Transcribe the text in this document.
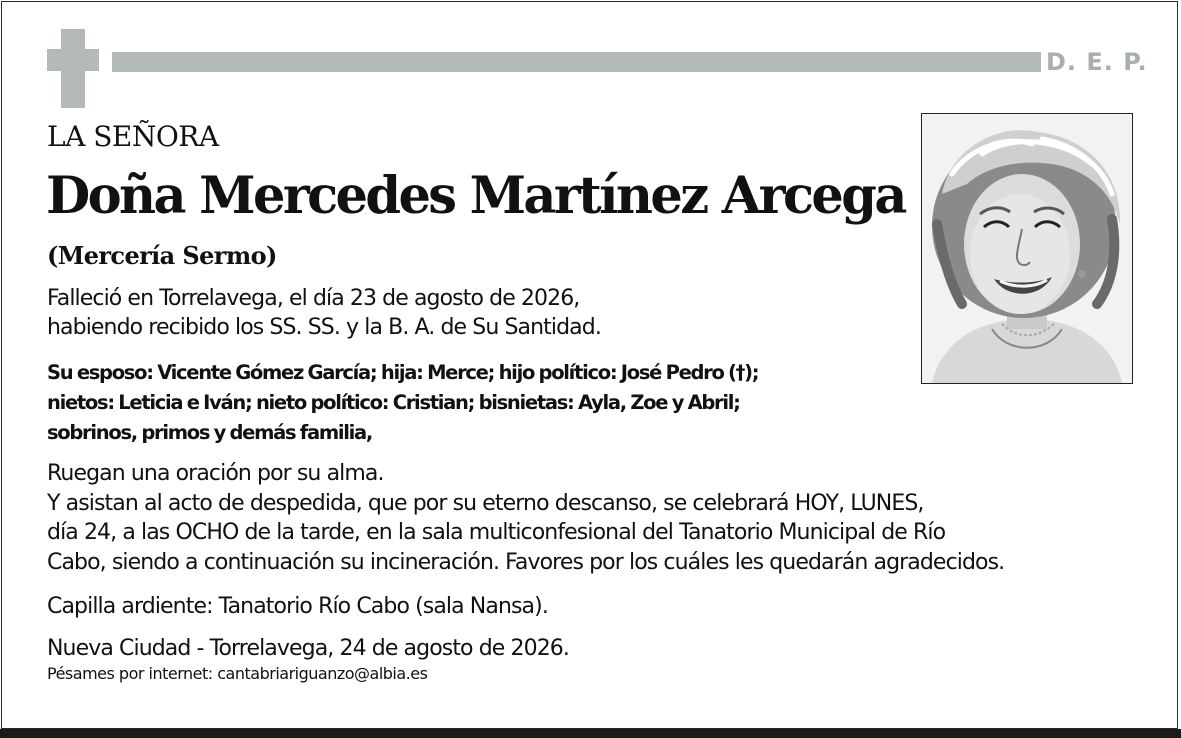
D. E. P.
LA SEÑORA
Doña Mercedes Martínez Arcega
(Mercería Sermo)
Falleció en Torrelavega, el día 23 de agosto de 2026,
habiendo recibido los SS. SS. y la B. A. de Su Santidad.
Su esposo: Vicente Gómez García; hija: Merce; hijo político: José Pedro (†);
nietos: Leticia e Iván; nieto político: Cristian; bisnietas: Ayla, Zoe y Abril;
sobrinos, primos y demás familia,
Ruegan una oración por su alma.
Y asistan al acto de despedida, que por su eterno descanso, se celebrará HOY, LUNES,
día 24, a las OCHO de la tarde, en la sala multiconfesional del Tanatorio Municipal de Río
Cabo, siendo a continuación su incineración. Favores por los cuáles les quedarán agradecidos.
Capilla ardiente: Tanatorio Río Cabo (sala Nansa).
Nueva Ciudad - Torrelavega, 24 de agosto de 2026.
Pésames por internet: cantabriariguanzo@albia.es
